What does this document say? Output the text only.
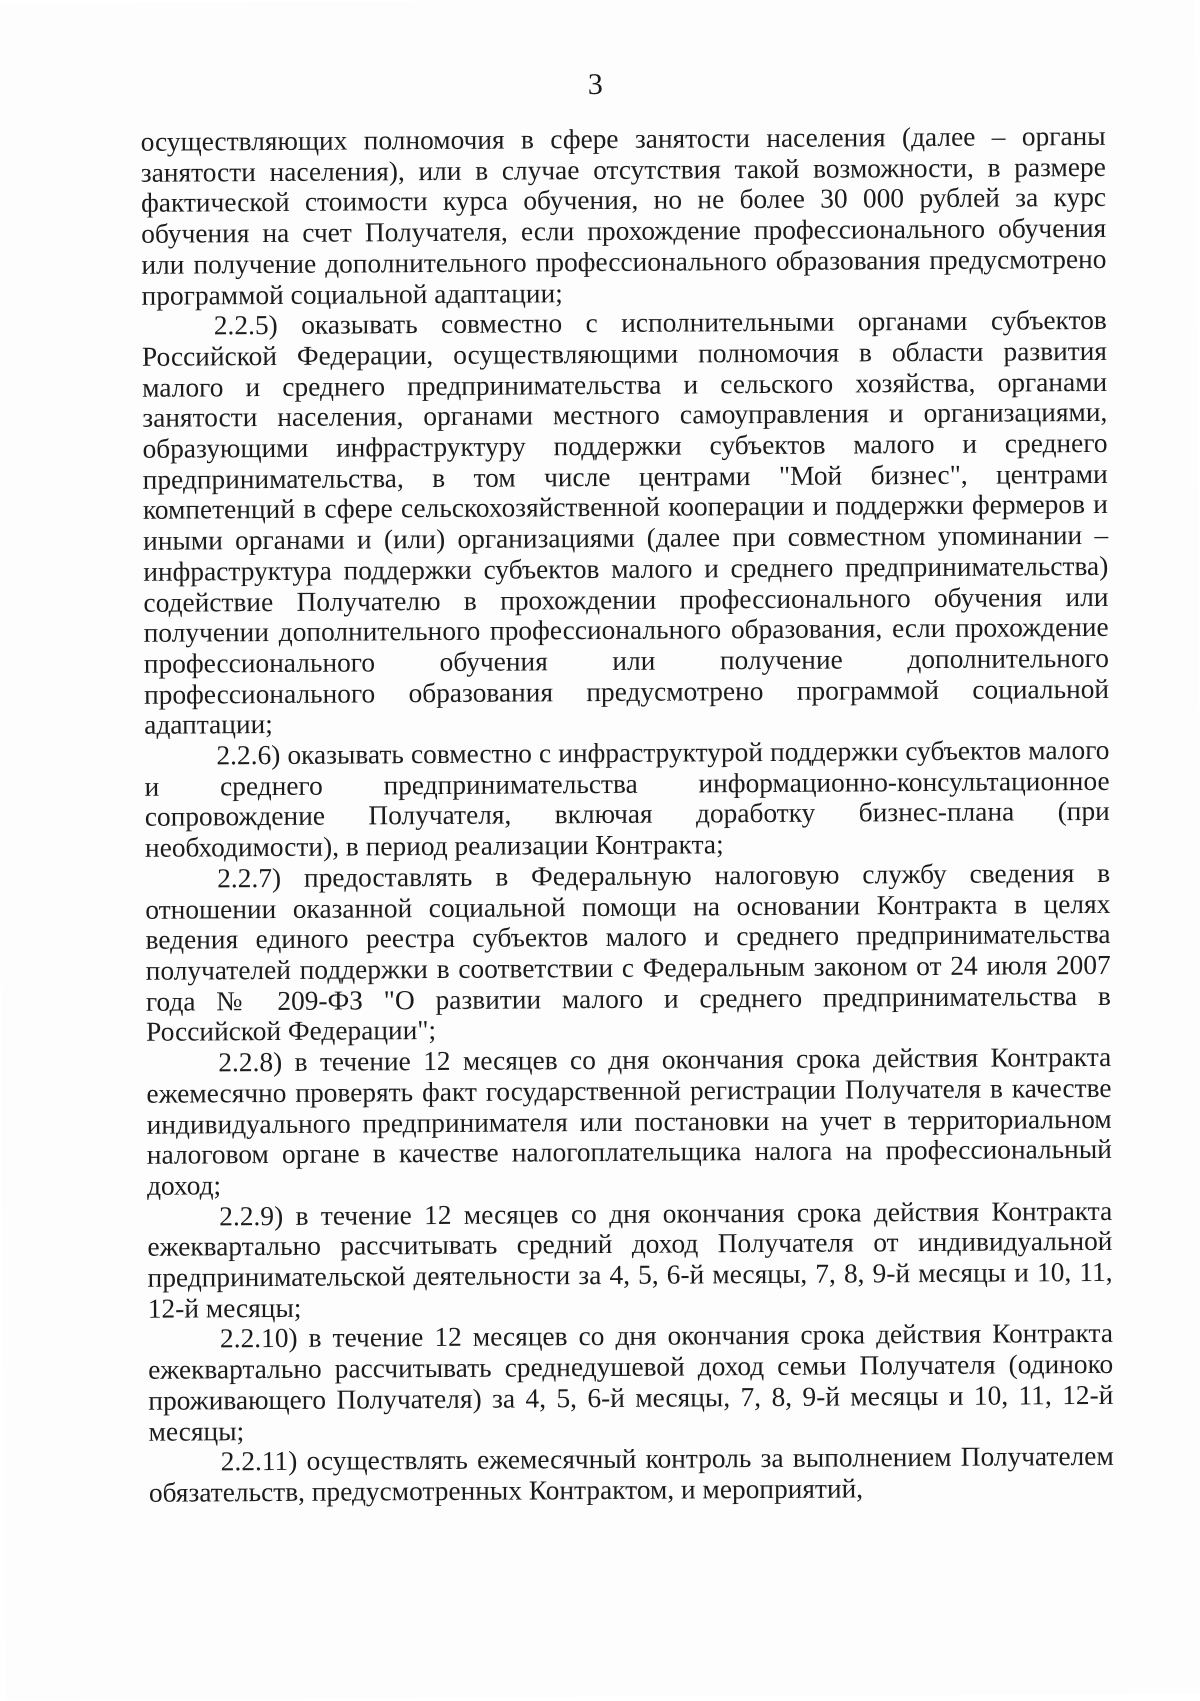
3

осуществляющих полномочия в сфере занятости населения (далее – органы занятости населения), или в случае отсутствия такой возможности, в размере фактической стоимости курса обучения, но не более 30 000 рублей за курс обучения на счет Получателя, если прохождение профессионального обучения или получение дополнительного профессионального образования предусмотрено программой социальной адаптации;

2.2.5) оказывать совместно с исполнительными органами субъектов Российской Федерации, осуществляющими полномочия в области развития малого и среднего предпринимательства и сельского хозяйства, органами занятости населения, органами местного самоуправления и организациями, образующими инфраструктуру поддержки субъектов малого и среднего предпринимательства, в том числе центрами "Мой бизнес", центрами компетенций в сфере сельскохозяйственной кооперации и поддержки фермеров и иными органами и (или) организациями (далее при совместном упоминании – инфраструктура поддержки субъектов малого и среднего предпринимательства) содействие Получателю в прохождении профессионального обучения или получении дополнительного профессионального образования, если прохождение профессионального обучения или получение дополнительного профессионального образования предусмотрено программой социальной адаптации;

2.2.6) оказывать совместно с инфраструктурой поддержки субъектов малого и среднего предпринимательства информационно-консультационное сопровождение Получателя, включая доработку бизнес-плана (при необходимости), в период реализации Контракта;

2.2.7) предоставлять в Федеральную налоговую службу сведения в отношении оказанной социальной помощи на основании Контракта в целях ведения единого реестра субъектов малого и среднего предпринимательства получателей поддержки в соответствии с Федеральным законом от 24 июля 2007 года № 209-ФЗ "О развитии малого и среднего предпринимательства в Российской Федерации";

2.2.8) в течение 12 месяцев со дня окончания срока действия Контракта ежемесячно проверять факт государственной регистрации Получателя в качестве индивидуального предпринимателя или постановки на учет в территориальном налоговом органе в качестве налогоплательщика налога на профессиональный доход;

2.2.9) в течение 12 месяцев со дня окончания срока действия Контракта ежеквартально рассчитывать средний доход Получателя от индивидуальной предпринимательской деятельности за 4, 5, 6-й месяцы, 7, 8, 9-й месяцы и 10, 11, 12-й месяцы;

2.2.10) в течение 12 месяцев со дня окончания срока действия Контракта ежеквартально рассчитывать среднедушевой доход семьи Получателя (одиноко проживающего Получателя) за 4, 5, 6-й месяцы, 7, 8, 9-й месяцы и 10, 11, 12-й месяцы;

2.2.11) осуществлять ежемесячный контроль за выполнением Получателем обязательств, предусмотренных Контрактом, и мероприятий,
